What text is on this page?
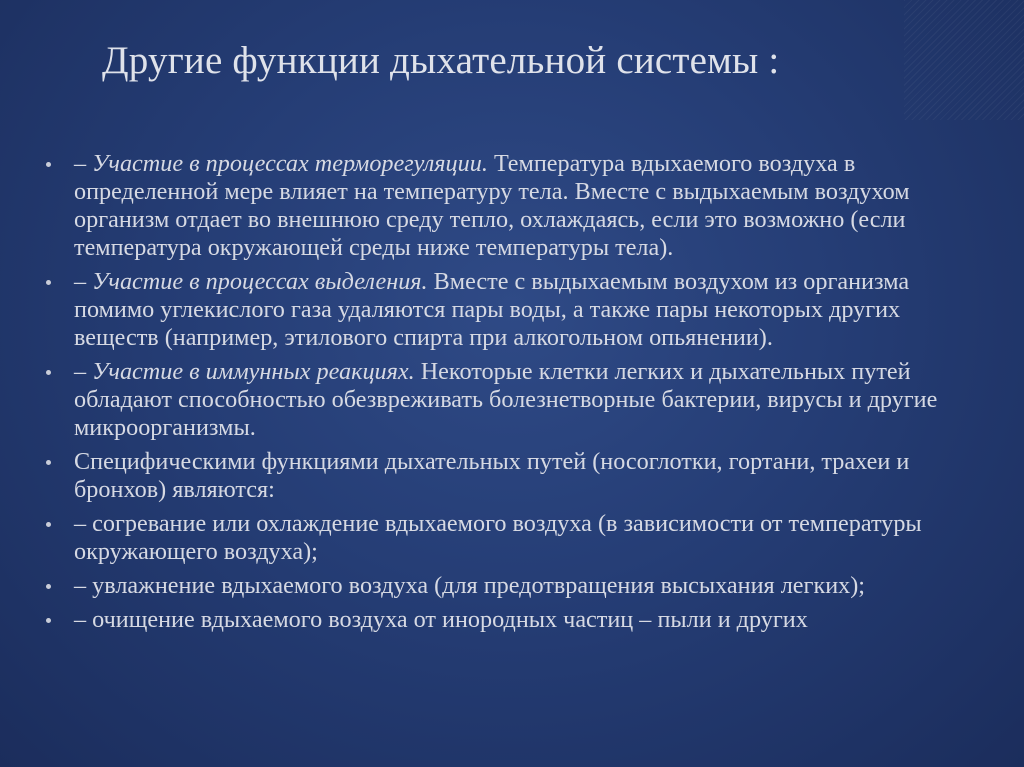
Другие функции дыхательной системы :
– Участие в процессах терморегуляции. Температура вдыхаемого воздуха в определенной мере влияет на температуру тела. Вместе с выдыхаемым воздухом организм отдает во внешнюю среду тепло, охлаждаясь, если это возможно (если температура окружающей среды ниже температуры тела).
– Участие в процессах выделения. Вместе с выдыхаемым воздухом из организма помимо углекислого газа удаляются пары воды, а также пары некоторых других веществ (например, этилового спирта при алкогольном опьянении).
– Участие в иммунных реакциях. Некоторые клетки легких и дыхательных путей обладают способностью обезвреживать болезнетворные бактерии, вирусы и другие микроорганизмы.
Специфическими функциями дыхательных путей (носоглотки, гортани, трахеи и бронхов) являются:
– согревание или охлаждение вдыхаемого воздуха (в зависимости от температуры окружающего воздуха);
– увлажнение вдыхаемого воздуха (для предотвращения высыхания легких);
– очищение вдыхаемого воздуха от инородных частиц – пыли и других
